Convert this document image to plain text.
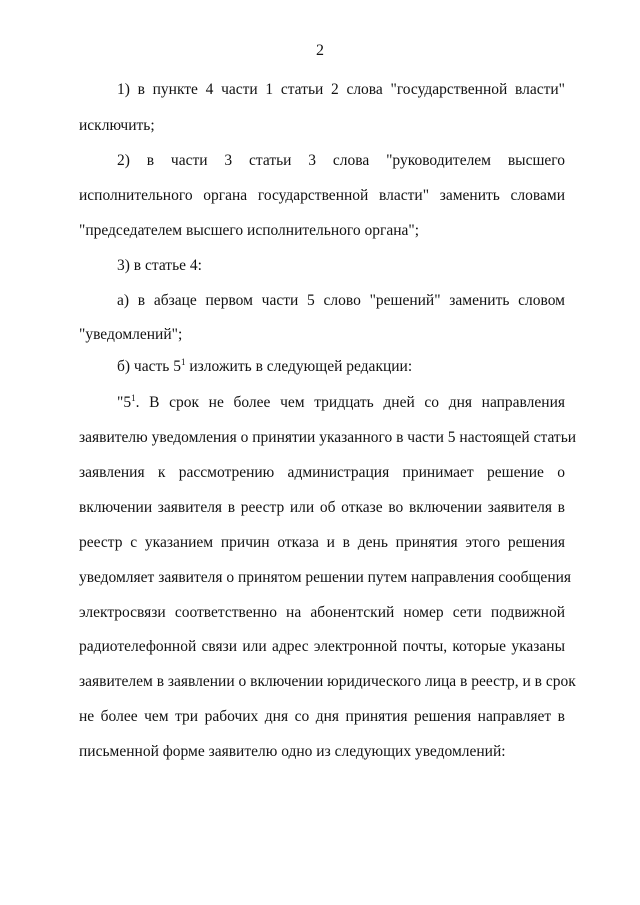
2
1) в пункте 4 части 1 статьи 2 слова "государственной власти"
исключить;
2) в части 3 статьи 3 слова "руководителем высшего
исполнительного органа государственной власти" заменить словами
"председателем высшего исполнительного органа";
3) в статье 4:
а) в абзаце первом части 5 слово "решений" заменить словом
"уведомлений";
б) часть $5^1$ изложить в следующей редакции:
"$5^1$. В срок не более чем тридцать дней со дня направления
заявителю уведомления о принятии указанного в части 5 настоящей статьи
заявления к рассмотрению администрация принимает решение о
включении заявителя в реестр или об отказе во включении заявителя в
реестр с указанием причин отказа и в день принятия этого решения
уведомляет заявителя о принятом решении путем направления сообщения
электросвязи соответственно на абонентский номер сети подвижной
радиотелефонной связи или адрес электронной почты, которые указаны
заявителем в заявлении о включении юридического лица в реестр, и в срок
не более чем три рабочих дня со дня принятия решения направляет в
письменной форме заявителю одно из следующих уведомлений:
